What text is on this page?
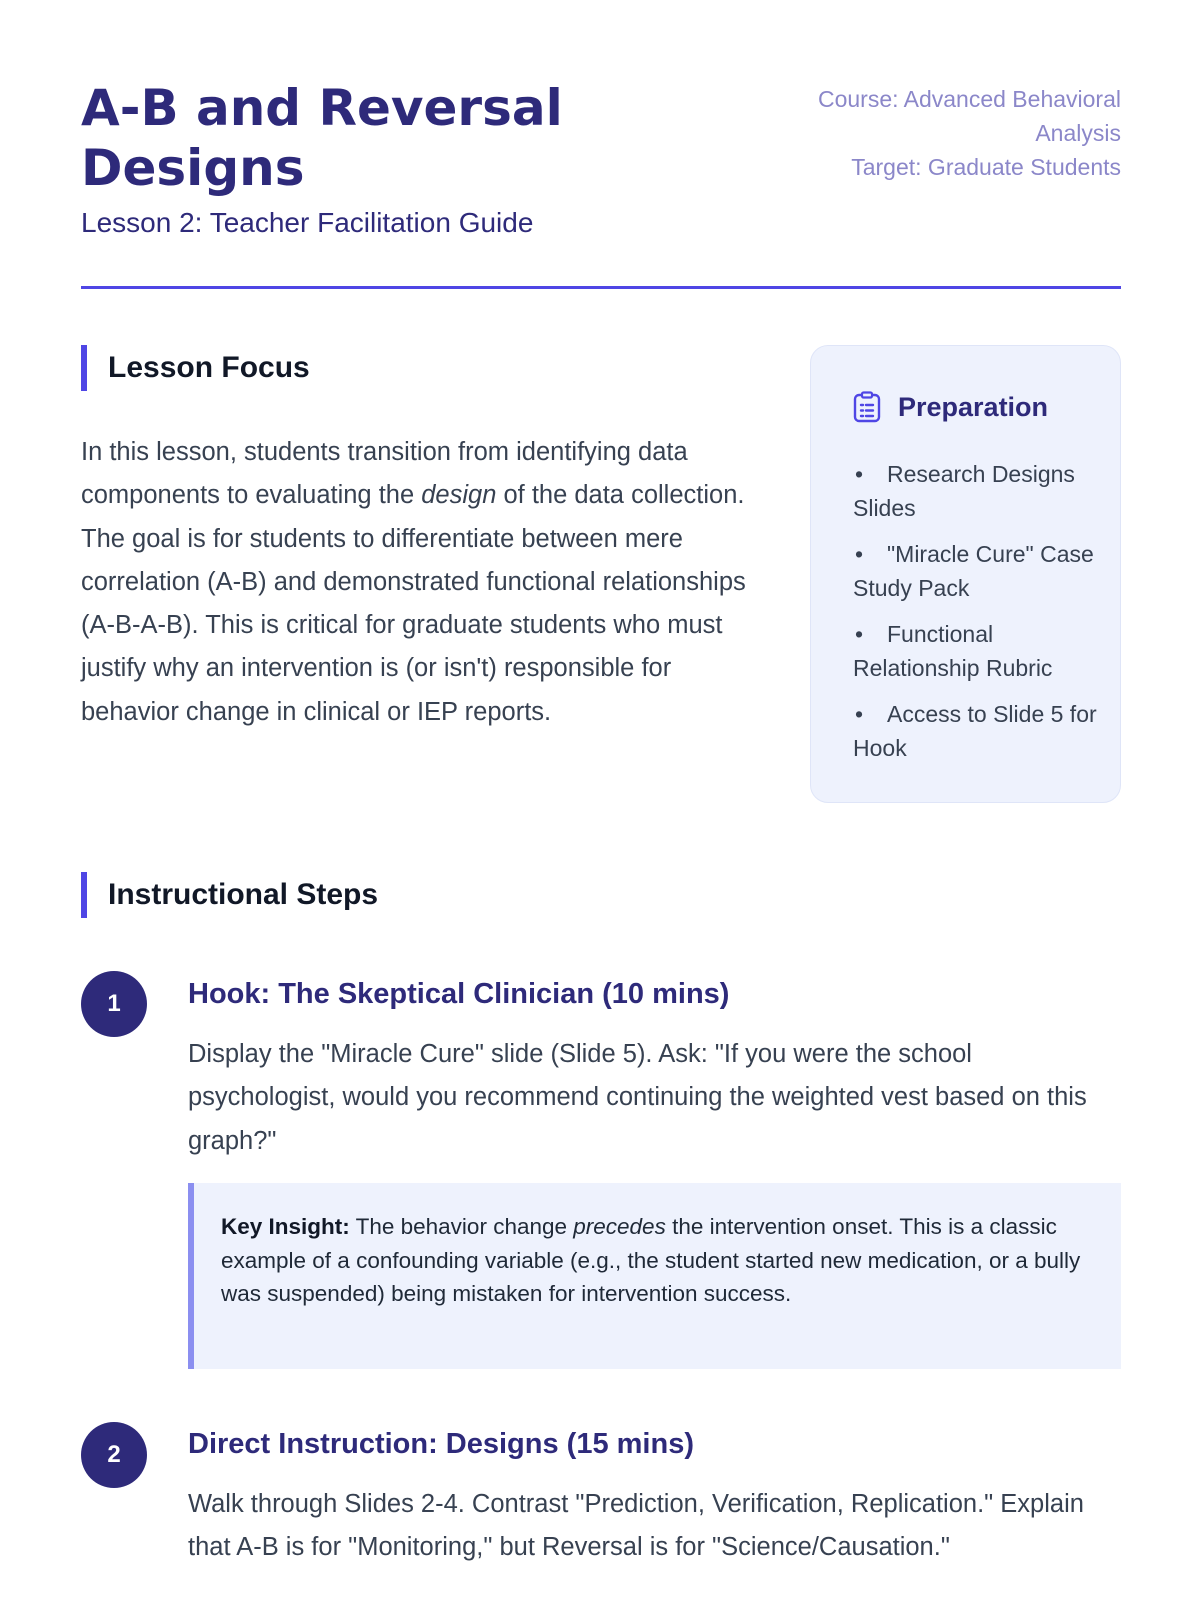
A-B and Reversal Designs
Lesson 2: Teacher Facilitation Guide
Course: Advanced Behavioral Analysis
Target: Graduate Students
Lesson Focus

In this lesson, students transition from identifying data components to evaluating the design of the data collection. The goal is for students to differentiate between mere correlation (A-B) and demonstrated functional relationships (A-B-A-B). This is critical for graduate students who must justify why an intervention is (or isn't) responsible for behavior change in clinical or IEP reports.

Preparation
• Research Designs Slides
• "Miracle Cure" Case Study Pack
• Functional Relationship Rubric
• Access to Slide 5 for Hook
Instructional Steps
1	Hook: The Skeptical Clinician (10 mins)

Display the "Miracle Cure" slide (Slide 5). Ask: "If you were the school psychologist, would you recommend continuing the weighted vest based on this graph?"

Key Insight: The behavior change precedes the intervention onset. This is a classic example of a confounding variable (e.g., the student started new medication, or a bully was suspended) being mistaken for intervention success.
2	Direct Instruction: Designs (15 mins)

Walk through Slides 2-4. Contrast "Prediction, Verification, Replication." Explain that A-B is for "Monitoring," but Reversal is for "Science/Causation."
